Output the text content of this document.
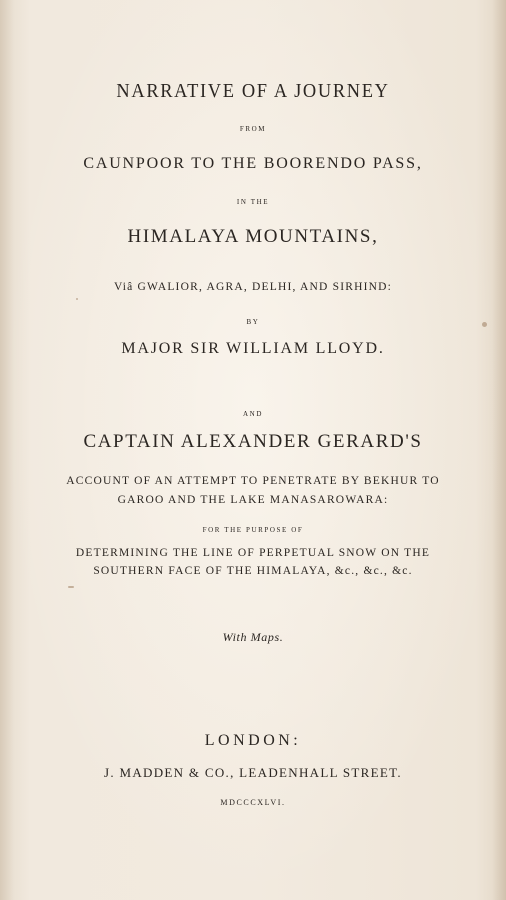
NARRATIVE OF A JOURNEY
FROM
CAUNPOOR TO THE BOORENDO PASS,
IN THE
HIMALAYA MOUNTAINS,
Viâ GWALIOR, AGRA, DELHI, AND SIRHIND:
BY
MAJOR SIR WILLIAM LLOYD.
AND
CAPTAIN ALEXANDER GERARD'S
ACCOUNT OF AN ATTEMPT TO PENETRATE BY BEKHUR TO
GAROO AND THE LAKE MANASAROWARA:
FOR THE PURPOSE OF
DETERMINING THE LINE OF PERPETUAL SNOW ON THE
SOUTHERN FACE OF THE HIMALAYA, &c., &c., &c.
With Maps.
LONDON:
J. MADDEN & CO., LEADENHALL STREET.
MDCCCXLVI.
